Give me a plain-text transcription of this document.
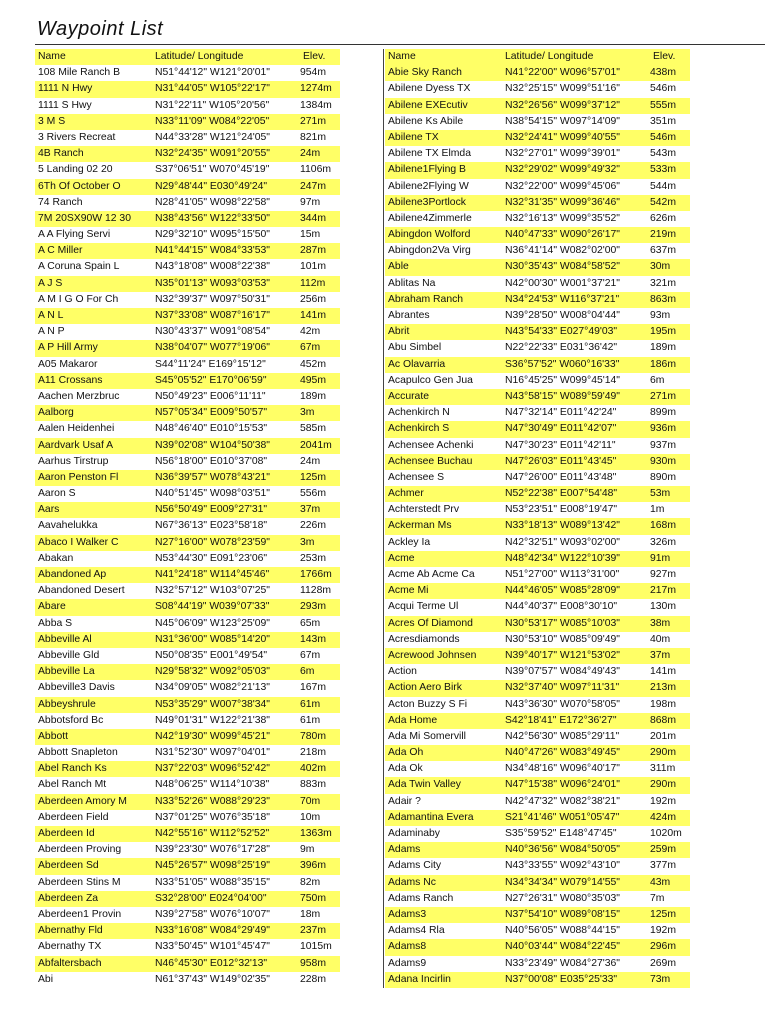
Waypoint List
Name	Latitude/ Longitude	Elev.
108 Mile Ranch B	N51°44'12" W121°20'01"	954m
1111 N Hwy	N31°44'05" W105°22'17"	1274m
1111 S Hwy	N31°22'11" W105°20'56"	1384m
3 M S	N33°11'09" W084°22'05"	271m
3 Rivers Recreat	N44°33'28" W121°24'05"	821m
4B Ranch	N32°24'35" W091°20'55"	24m
5 Landing 02 20	S37°06'51" W070°45'19"	1106m
6Th Of October O	N29°48'44" E030°49'24"	247m
74 Ranch	N28°41'05" W098°22'58"	97m
7M 20SX90W 12 30 N38°43'56" W122°33'50"	344m
A A Flying Servi	N29°32'10" W095°15'50"	15m
A C Miller	N41°44'15" W084°33'53"	287m
A Coruna Spain L	N43°18'08" W008°22'38"	101m
A J S	N35°01'13" W093°03'53"	112m
A M I G O For Ch	N32°39'37" W097°50'31"	256m
A N L	N37°33'08" W087°16'17"	141m
A N P	N30°43'37" W091°08'54"	42m
A P Hill Army	N38°04'07" W077°19'06"	67m
A05 Makaror	S44°11'24" E169°15'12"	452m
A11 Crossans	S45°05'52" E170°06'59"	495m
Aachen Merzbruc	N50°49'23" E006°11'11"	189m
Aalborg	N57°05'34" E009°50'57"	3m
Aalen Heidenhei	N48°46'40" E010°15'53"	585m
Aardvark Usaf A	N39°02'08" W104°50'38"	2041m
Aarhus Tirstrup	N56°18'00" E010°37'08"	24m
Aaron Penston Fl	N36°39'57" W078°43'21"	125m
Aaron S	N40°51'45" W098°03'51"	556m
Aars	N56°50'49" E009°27'31"	37m
Aavahelukka	N67°36'13" E023°58'18"	226m
Abaco I Walker C	N27°16'00" W078°23'59"	3m
Abakan	N53°44'30" E091°23'06"	253m
Abandoned Ap	N41°24'18" W114°45'46"	1766m
Abandoned Desert	N32°57'12" W103°07'25"	1128m
Abare	S08°44'19" W039°07'33"	293m
Abba S	N45°06'09" W123°25'09"	65m
Abbeville Al	N31°36'00" W085°14'20"	143m
Abbeville Gld	N50°08'35" E001°49'54"	67m
Abbeville La	N29°58'32" W092°05'03"	6m
Abbeville3 Davis	N34°09'05" W082°21'13"	167m
Abbeyshrule	N53°35'29" W007°38'34"	61m
Abbotsford Bc	N49°01'31" W122°21'38"	61m
Abbott	N42°19'30" W099°45'21"	780m
Abbott Snapleton	N31°52'30" W097°04'01"	218m
Abel Ranch Ks	N37°22'03" W096°52'42"	402m
Abel Ranch Mt	N48°06'25" W114°10'38"	883m
Aberdeen Amory M	N33°52'26" W088°29'23"	70m
Aberdeen Field	N37°01'25" W076°35'18"	10m
Aberdeen Id	N42°55'16" W112°52'52"	1363m
Aberdeen Proving	N39°23'30" W076°17'28"	9m
Aberdeen Sd	N45°26'57" W098°25'19"	396m
Aberdeen Stins M	N33°51'05" W088°35'15"	82m
Aberdeen Za	S32°28'00" E024°04'00"	750m
Aberdeen1 Provin	N39°27'58" W076°10'07"	18m
Abernathy Fld	N33°16'08" W084°29'49"	237m
Abernathy TX	N33°50'45" W101°45'47"	1015m
Abfaltersbach	N46°45'30" E012°32'13"	958m
Abi	N61°37'43" W149°02'35"	228m
Name	Latitude/ Longitude	Elev.
Abie Sky Ranch	N41°22'00" W096°57'01"	438m
Abilene Dyess TX	N32°25'15" W099°51'16"	546m
Abilene EXEcutiv	N32°26'56" W099°37'12"	555m
Abilene Ks Abile	N38°54'15" W097°14'09"	351m
Abilene TX	N32°24'41" W099°40'55"	546m
Abilene TX Elmda	N32°27'01" W099°39'01"	543m
Abilene1Flying B	N32°29'02" W099°49'32"	533m
Abilene2Flying W	N32°22'00" W099°45'06"	544m
Abilene3Portlock	N32°31'35" W099°36'46"	542m
Abilene4Zimmerle	N32°16'13" W099°35'52"	626m
Abingdon Wolford	N40°47'33" W090°26'17"	219m
Abingdon2Va Virg	N36°41'14" W082°02'00"	637m
Able	N30°35'43" W084°58'52"	30m
Ablitas Na	N42°00'30" W001°37'21"	321m
Abraham Ranch	N34°24'53" W116°37'21"	863m
Abrantes	N39°28'50" W008°04'44"	93m
Abrit	N43°54'33" E027°49'03"	195m
Abu Simbel	N22°22'33" E031°36'42"	189m
Ac Olavarria	S36°57'52" W060°16'33"	186m
Acapulco Gen Jua	N16°45'25" W099°45'14"	6m
Accurate	N43°58'15" W089°59'49"	271m
Achenkirch N	N47°32'14" E011°42'24"	899m
Achenkirch S	N47°30'49" E011°42'07"	936m
Achensee Achenki	N47°30'23" E011°42'11"	937m
Achensee Buchau	N47°26'03" E011°43'45"	930m
Achensee S	N47°26'00" E011°43'48"	890m
Achmer	N52°22'38" E007°54'48"	53m
Achterstedt Prv	N53°23'51" E008°19'47"	1m
Ackerman Ms	N33°18'13" W089°13'42"	168m
Ackley Ia	N42°32'51" W093°02'00"	326m
Acme	N48°42'34" W122°10'39"	91m
Acme Ab Acme Ca	N51°27'00" W113°31'00"	927m
Acme Mi	N44°46'05" W085°28'09"	217m
Acqui Terme Ul	N44°40'37" E008°30'10"	130m
Acres Of Diamond	N30°53'17" W085°10'03"	38m
Acresdiamonds	N30°53'10" W085°09'49"	40m
Acrewood Johnsen	N39°40'17" W121°53'02"	37m
Action	N39°07'57" W084°49'43"	141m
Action Aero Birk	N32°37'40" W097°11'31"	213m
Acton Buzzy S Fi	N43°36'30" W070°58'05"	198m
Ada Home	S42°18'41" E172°36'27"	868m
Ada Mi Somervill	N42°56'30" W085°29'11"	201m
Ada Oh	N40°47'26" W083°49'45"	290m
Ada Ok	N34°48'16" W096°40'17"	311m
Ada Twin Valley	N47°15'38" W096°24'01"	290m
Adair ?	N42°47'32" W082°38'21"	192m
Adamantina Evera	S21°41'46" W051°05'47"	424m
Adaminaby	S35°59'52" E148°47'45"	1020m
Adams	N40°36'56" W084°50'05"	259m
Adams City	N43°33'55" W092°43'10"	377m
Adams Nc	N34°34'34" W079°14'55"	43m
Adams Ranch	N27°26'31" W080°35'03"	7m
Adams3	N37°54'10" W089°08'15"	125m
Adams4 Rla	N40°56'05" W088°44'15"	192m
Adams8	N40°03'44" W084°22'45"	296m
Adams9	N33°23'49" W084°27'36"	269m
Adana Incirlin	N37°00'08" E035°25'33"	73m
